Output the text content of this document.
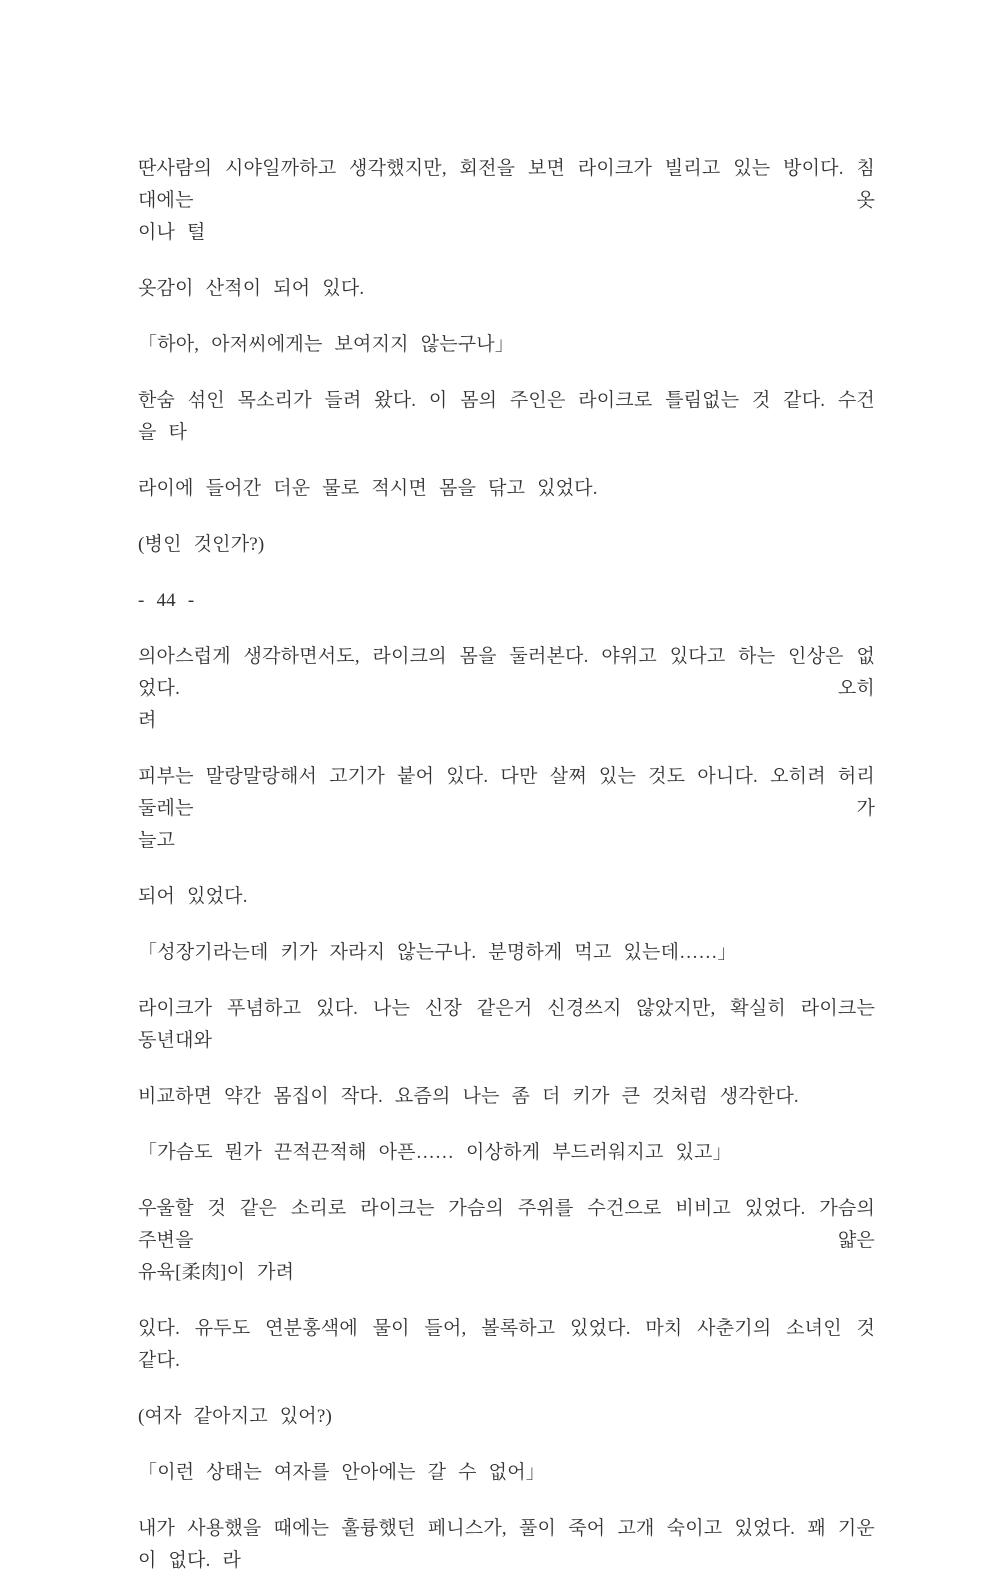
딴사람의 시야일까하고 생각했지만, 회전을 보면 라이크가 빌리고 있는 방이다. 침대에는 옷
이나 털
옷감이 산적이 되어 있다.
「하아, 아저씨에게는 보여지지 않는구나」
한숨 섞인 목소리가 들려 왔다. 이 몸의 주인은 라이크로 틀림없는 것 같다. 수건을 타
라이에 들어간 더운 물로 적시면 몸을 닦고 있었다.
(병인 것인가?)
- 44 -
의아스럽게 생각하면서도, 라이크의 몸을 둘러본다. 야위고 있다고 하는 인상은 없었다. 오히
려
피부는 말랑말랑해서 고기가 붙어 있다. 다만 살쪄 있는 것도 아니다. 오히려 허리 둘레는 가
늘고
되어 있었다.
「성장기라는데 키가 자라지 않는구나. 분명하게 먹고 있는데……」
라이크가 푸념하고 있다. 나는 신장 같은거 신경쓰지 않았지만, 확실히 라이크는 동년대와
비교하면 약간 몸집이 작다. 요즘의 나는 좀 더 키가 큰 것처럼 생각한다.
「가슴도 뭔가 끈적끈적해 아픈…… 이상하게 부드러워지고 있고」
우울할 것 같은 소리로 라이크는 가슴의 주위를 수건으로 비비고 있었다. 가슴의 주변을 얇은
유육[柔肉]이 가려
있다. 유두도 연분홍색에 물이 들어, 볼록하고 있었다. 마치 사춘기의 소녀인 것 같다.
(여자 같아지고 있어?)
「이런 상태는 여자를 안아에는 갈 수 없어」
내가 사용했을 때에는 훌륭했던 페니스가, 풀이 죽어 고개 숙이고 있었다. 꽤 기운이 없다. 라
